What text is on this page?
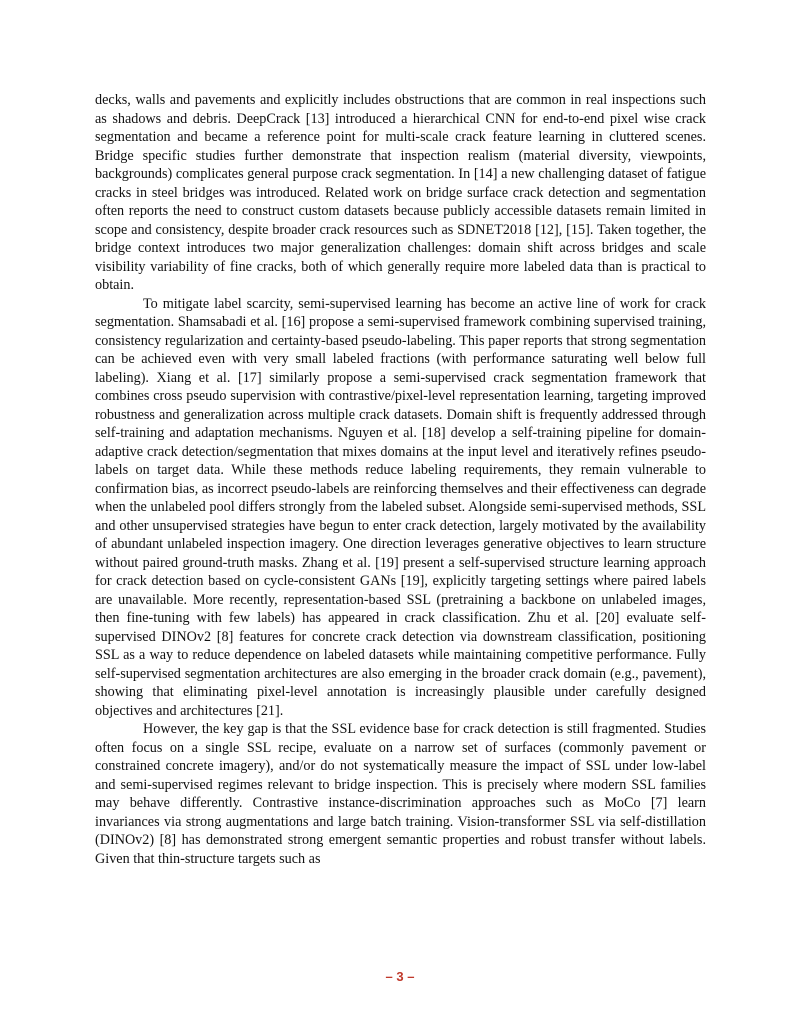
decks, walls and pavements and explicitly includes obstructions that are common in real inspections such as shadows and debris. DeepCrack [13] introduced a hierarchical CNN for end-to-end pixel wise crack segmentation and became a reference point for multi-scale crack feature learning in cluttered scenes. Bridge specific studies further demonstrate that inspection realism (material diversity, viewpoints, backgrounds) complicates general purpose crack segmentation. In [14] a new challenging dataset of fatigue cracks in steel bridges was introduced. Related work on bridge surface crack detection and segmentation often reports the need to construct custom datasets because publicly accessible datasets remain limited in scope and consistency, despite broader crack resources such as SDNET2018 [12], [15]. Taken together, the bridge context introduces two major generalization challenges: domain shift across bridges and scale visibility variability of fine cracks, both of which generally require more labeled data than is practical to obtain.

To mitigate label scarcity, semi-supervised learning has become an active line of work for crack segmentation. Shamsabadi et al. [16] propose a semi-supervised framework combining supervised training, consistency regularization and certainty-based pseudo-labeling. This paper reports that strong segmentation can be achieved even with very small labeled fractions (with performance saturating well below full labeling). Xiang et al. [17] similarly propose a semi-supervised crack segmentation framework that combines cross pseudo supervision with contrastive/pixel-level representation learning, targeting improved robustness and generalization across multiple crack datasets. Domain shift is frequently addressed through self-training and adaptation mechanisms. Nguyen et al. [18] develop a self-training pipeline for domain-adaptive crack detection/segmentation that mixes domains at the input level and iteratively refines pseudo-labels on target data. While these methods reduce labeling requirements, they remain vulnerable to confirmation bias, as incorrect pseudo-labels are reinforcing themselves and their effectiveness can degrade when the unlabeled pool differs strongly from the labeled subset. Alongside semi-supervised methods, SSL and other unsupervised strategies have begun to enter crack detection, largely motivated by the availability of abundant unlabeled inspection imagery. One direction leverages generative objectives to learn structure without paired ground-truth masks. Zhang et al. [19] present a self-supervised structure learning approach for crack detection based on cycle-consistent GANs [19], explicitly targeting settings where paired labels are unavailable. More recently, representation-based SSL (pretraining a backbone on unlabeled images, then fine-tuning with few labels) has appeared in crack classification. Zhu et al. [20] evaluate self-supervised DINOv2 [8] features for concrete crack detection via downstream classification, positioning SSL as a way to reduce dependence on labeled datasets while maintaining competitive performance. Fully self-supervised segmentation architectures are also emerging in the broader crack domain (e.g., pavement), showing that eliminating pixel-level annotation is increasingly plausible under carefully designed objectives and architectures [21].

However, the key gap is that the SSL evidence base for crack detection is still fragmented. Studies often focus on a single SSL recipe, evaluate on a narrow set of surfaces (commonly pavement or constrained concrete imagery), and/or do not systematically measure the impact of SSL under low-label and semi-supervised regimes relevant to bridge inspection. This is precisely where modern SSL families may behave differently. Contrastive instance-discrimination approaches such as MoCo [7] learn invariances via strong augmentations and large batch training. Vision-transformer SSL via self-distillation (DINOv2) [8] has demonstrated strong emergent semantic properties and robust transfer without labels. Given that thin-structure targets such as

– 3 –
